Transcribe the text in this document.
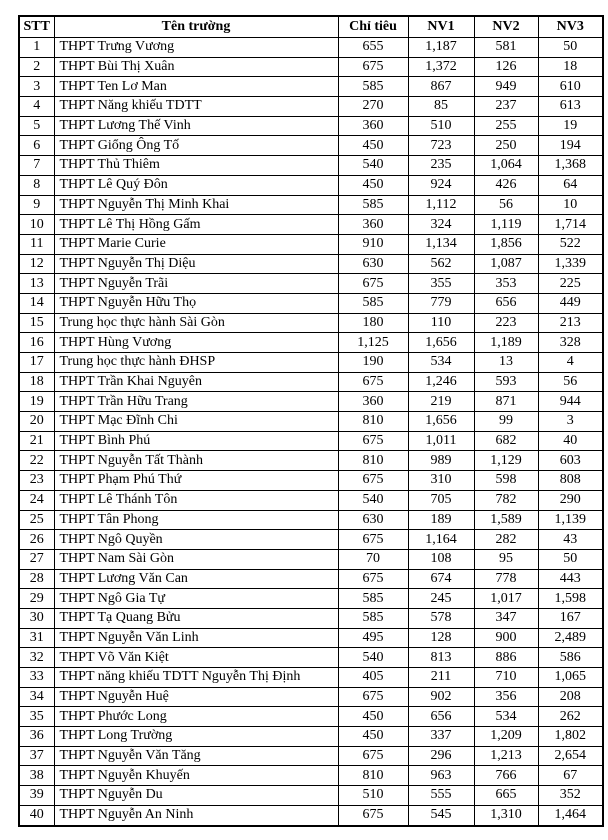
STT	Tên trường	Chỉ tiêu	NV1	NV2	NV3
1	THPT Trưng Vương	655	1,187	581	50
2	THPT Bùi Thị Xuân	675	1,372	126	18
3	THPT Ten Lơ Man	585	867	949	610
4	THPT Năng khiếu TDTT	270	85	237	613
5	THPT Lương Thế Vinh	360	510	255	19
6	THPT Giổng Ông Tố	450	723	250	194
7	THPT Thủ Thiêm	540	235	1,064	1,368
8	THPT Lê Quý Đôn	450	924	426	64
9	THPT Nguyễn Thị Minh Khai	585	1,112	56	10
10	THPT Lê Thị Hồng Gấm	360	324	1,119	1,714
11	THPT Marie Curie	910	1,134	1,856	522
12	THPT Nguyễn Thị Diệu	630	562	1,087	1,339
13	THPT Nguyễn Trãi	675	355	353	225
14	THPT Nguyễn Hữu Thọ	585	779	656	449
15	Trung học thực hành Sài Gòn	180	110	223	213
16	THPT Hùng Vương	1,125	1,656	1,189	328
17	Trung học thực hành ĐHSP	190	534	13	4
18	THPT Trần Khai Nguyên	675	1,246	593	56
19	THPT Trần Hữu Trang	360	219	871	944
20	THPT Mạc Đĩnh Chi	810	1,656	99	3
21	THPT Bình Phú	675	1,011	682	40
22	THPT Nguyễn Tất Thành	810	989	1,129	603
23	THPT Phạm Phú Thứ	675	310	598	808
24	THPT Lê Thánh Tôn	540	705	782	290
25	THPT Tân Phong	630	189	1,589	1,139
26	THPT Ngô Quyền	675	1,164	282	43
27	THPT Nam Sài Gòn	70	108	95	50
28	THPT Lương Văn Can	675	674	778	443
29	THPT Ngô Gia Tự	585	245	1,017	1,598
30	THPT Tạ Quang Bửu	585	578	347	167
31	THPT Nguyễn Văn Linh	495	128	900	2,489
32	THPT Võ Văn Kiệt	540	813	886	586
33	THPT năng khiếu TDTT Nguyễn Thị Định	405	211	710	1,065
34	THPT Nguyễn Huệ	675	902	356	208
35	THPT Phước Long	450	656	534	262
36	THPT Long Trường	450	337	1,209	1,802
37	THPT Nguyễn Văn Tăng	675	296	1,213	2,654
38	THPT Nguyễn Khuyến	810	963	766	67
39	THPT Nguyễn Du	510	555	665	352
40	THPT Nguyễn An Ninh	675	545	1,310	1,464
